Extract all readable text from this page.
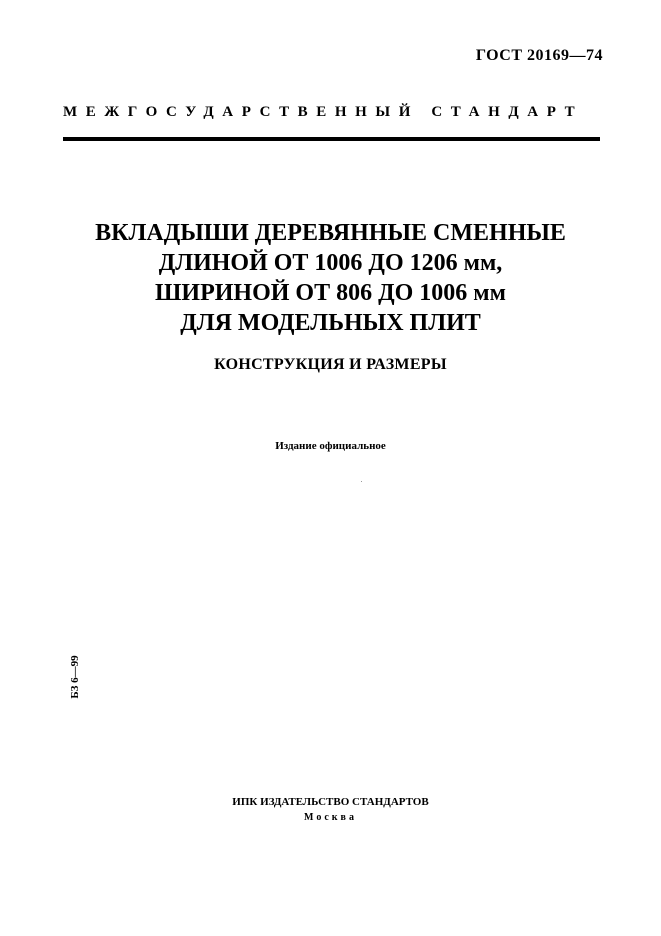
ГОСТ 20169—74
МЕЖГОСУДАРСТВЕННЫЙ СТАНДАРТ
ВКЛАДЫШИ ДЕРЕВЯННЫЕ СМЕННЫЕ
ДЛИНОЙ ОТ 1006 ДО 1206 мм,
ШИРИНОЙ ОТ 806 ДО 1006 мм
ДЛЯ МОДЕЛЬНЫХ ПЛИТ
КОНСТРУКЦИЯ И РАЗМЕРЫ
Издание официальное
БЗ 6—99
ИПК ИЗДАТЕЛЬСТВО СТАНДАРТОВ
Москва
